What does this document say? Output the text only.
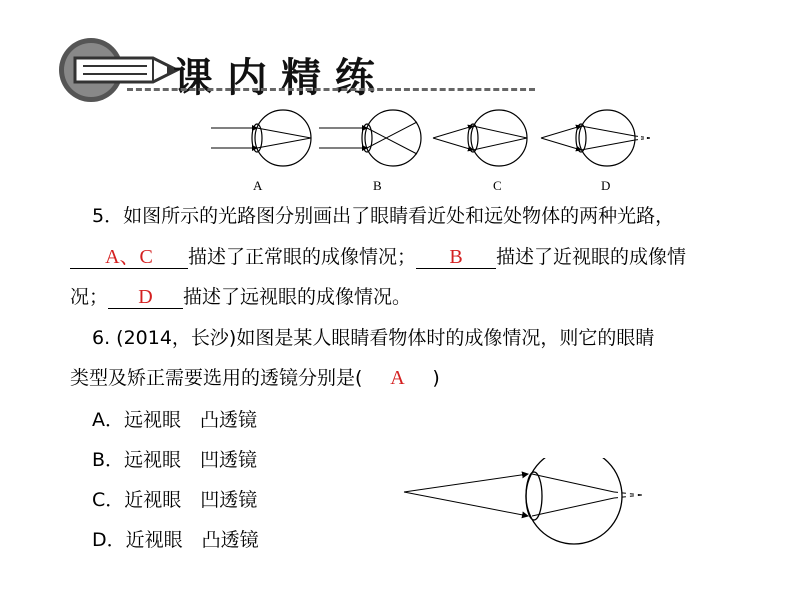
课内精练
A	B	C	D
5．如图所示的光路图分别画出了眼睛看近处和远处物体的两种光路，
A、C 描述了正常眼的成像情况； B 描述了近视眼的成像情
况； D 描述了远视眼的成像情况。
6. (2014，长沙)如图是某人眼睛看物体时的成像情况，则它的眼睛
类型及矫正需要选用的透镜分别是( A )
A．远视眼　凸透镜
B．远视眼　凹透镜
C．近视眼　凹透镜
D．近视眼　凸透镜
